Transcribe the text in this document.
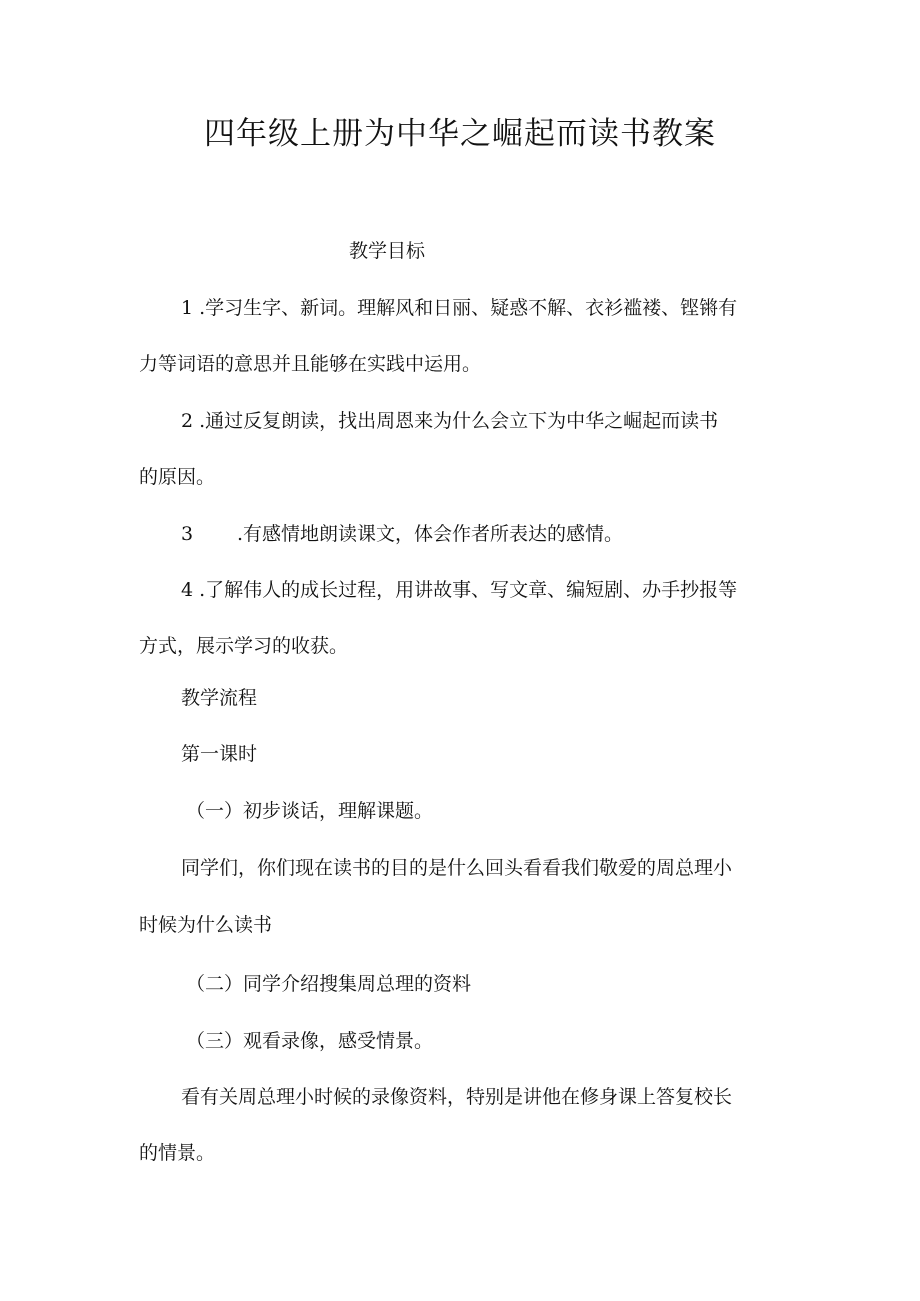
四年级上册为中华之崛起而读书教案
教学目标
1 .学习生字、新词。理解风和日丽、疑惑不解、衣衫褴褛、铿锵有
力等词语的意思并且能够在实践中运用。
2 .通过反复朗读，找出周恩来为什么会立下为中华之崛起而读书
的原因。
3 .有感情地朗读课文，体会作者所表达的感情。
4 .了解伟人的成长过程，用讲故事、写文章、编短剧、办手抄报等
方式，展示学习的收获。
教学流程
第一课时
（一）初步谈话，理解课题。
同学们，你们现在读书的目的是什么回头看看我们敬爱的周总理小
时候为什么读书
（二）同学介绍搜集周总理的资料
（三）观看录像，感受情景。
看有关周总理小时候的录像资料，特别是讲他在修身课上答复校长
的情景。
